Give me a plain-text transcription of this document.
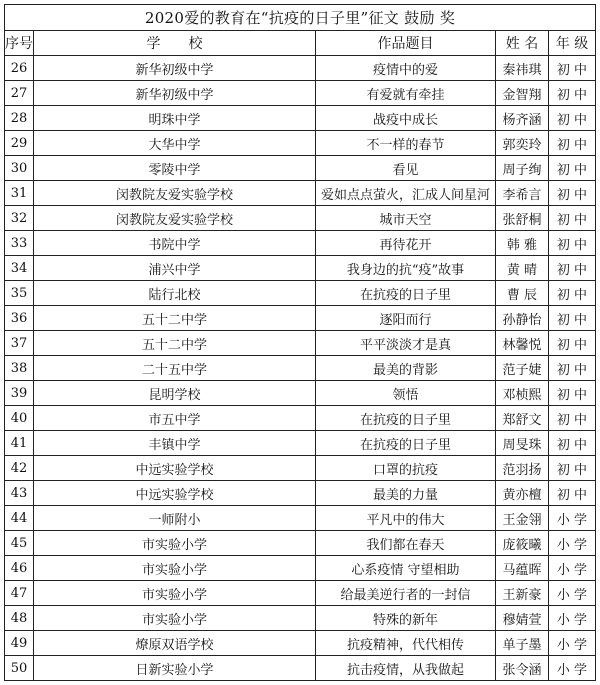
2020爱的教育在“抗疫的日子里”征文 鼓励 奖				
序号	学　　校	作品题目	姓 名	年 级
26	新华初级中学	疫情中的爱	秦祎琪	初 中
27	新华初级中学	有爱就有牵挂	金智翔	初 中
28	明珠中学	战疫中成长	杨齐涵	初 中
29	大华中学	不一样的春节	郭奕玲	初 中
30	零陵中学	看见	周子绚	初 中
31	闵教院友爱实验学校	爱如点点萤火，汇成人间星河	李希言	初 中
32	闵教院友爱实验学校	城市天空	张舒桐	初 中
33	书院中学	再待花开	韩 雅	初 中
34	浦兴中学	我身边的抗“疫”故事	黄 晴	初 中
35	陆行北校	在抗疫的日子里	曹 辰	初 中
36	五十二中学	逐阳而行	孙静怡	初 中
37	五十二中学	平平淡淡才是真	林馨悦	初 中
38	二十五中学	最美的背影	范子婕	初 中
39	昆明学校	领悟	邓桢熙	初 中
40	市五中学	在抗疫的日子里	郑舒文	初 中
41	丰镇中学	在抗疫的日子里	周旻珠	初 中
42	中远实验学校	口罩的抗疫	范羽扬	初 中
43	中远实验学校	最美的力量	黄亦檀	初 中
44	一师附小	平凡中的伟大	王金翎	小 学
45	市实验小学	我们都在春天	庞筱曦	小 学
46	市实验小学	心系疫情 守望相助	马蕴晖	小 学
47	市实验小学	给最美逆行者的一封信	王新豪	小 学
48	市实验小学	特殊的新年	穆婧萱	小 学
49	燎原双语学校	抗疫精神，代代相传	单子墨	小 学
50	日新实验小学	抗击疫情，从我做起	张令涵	小 学
